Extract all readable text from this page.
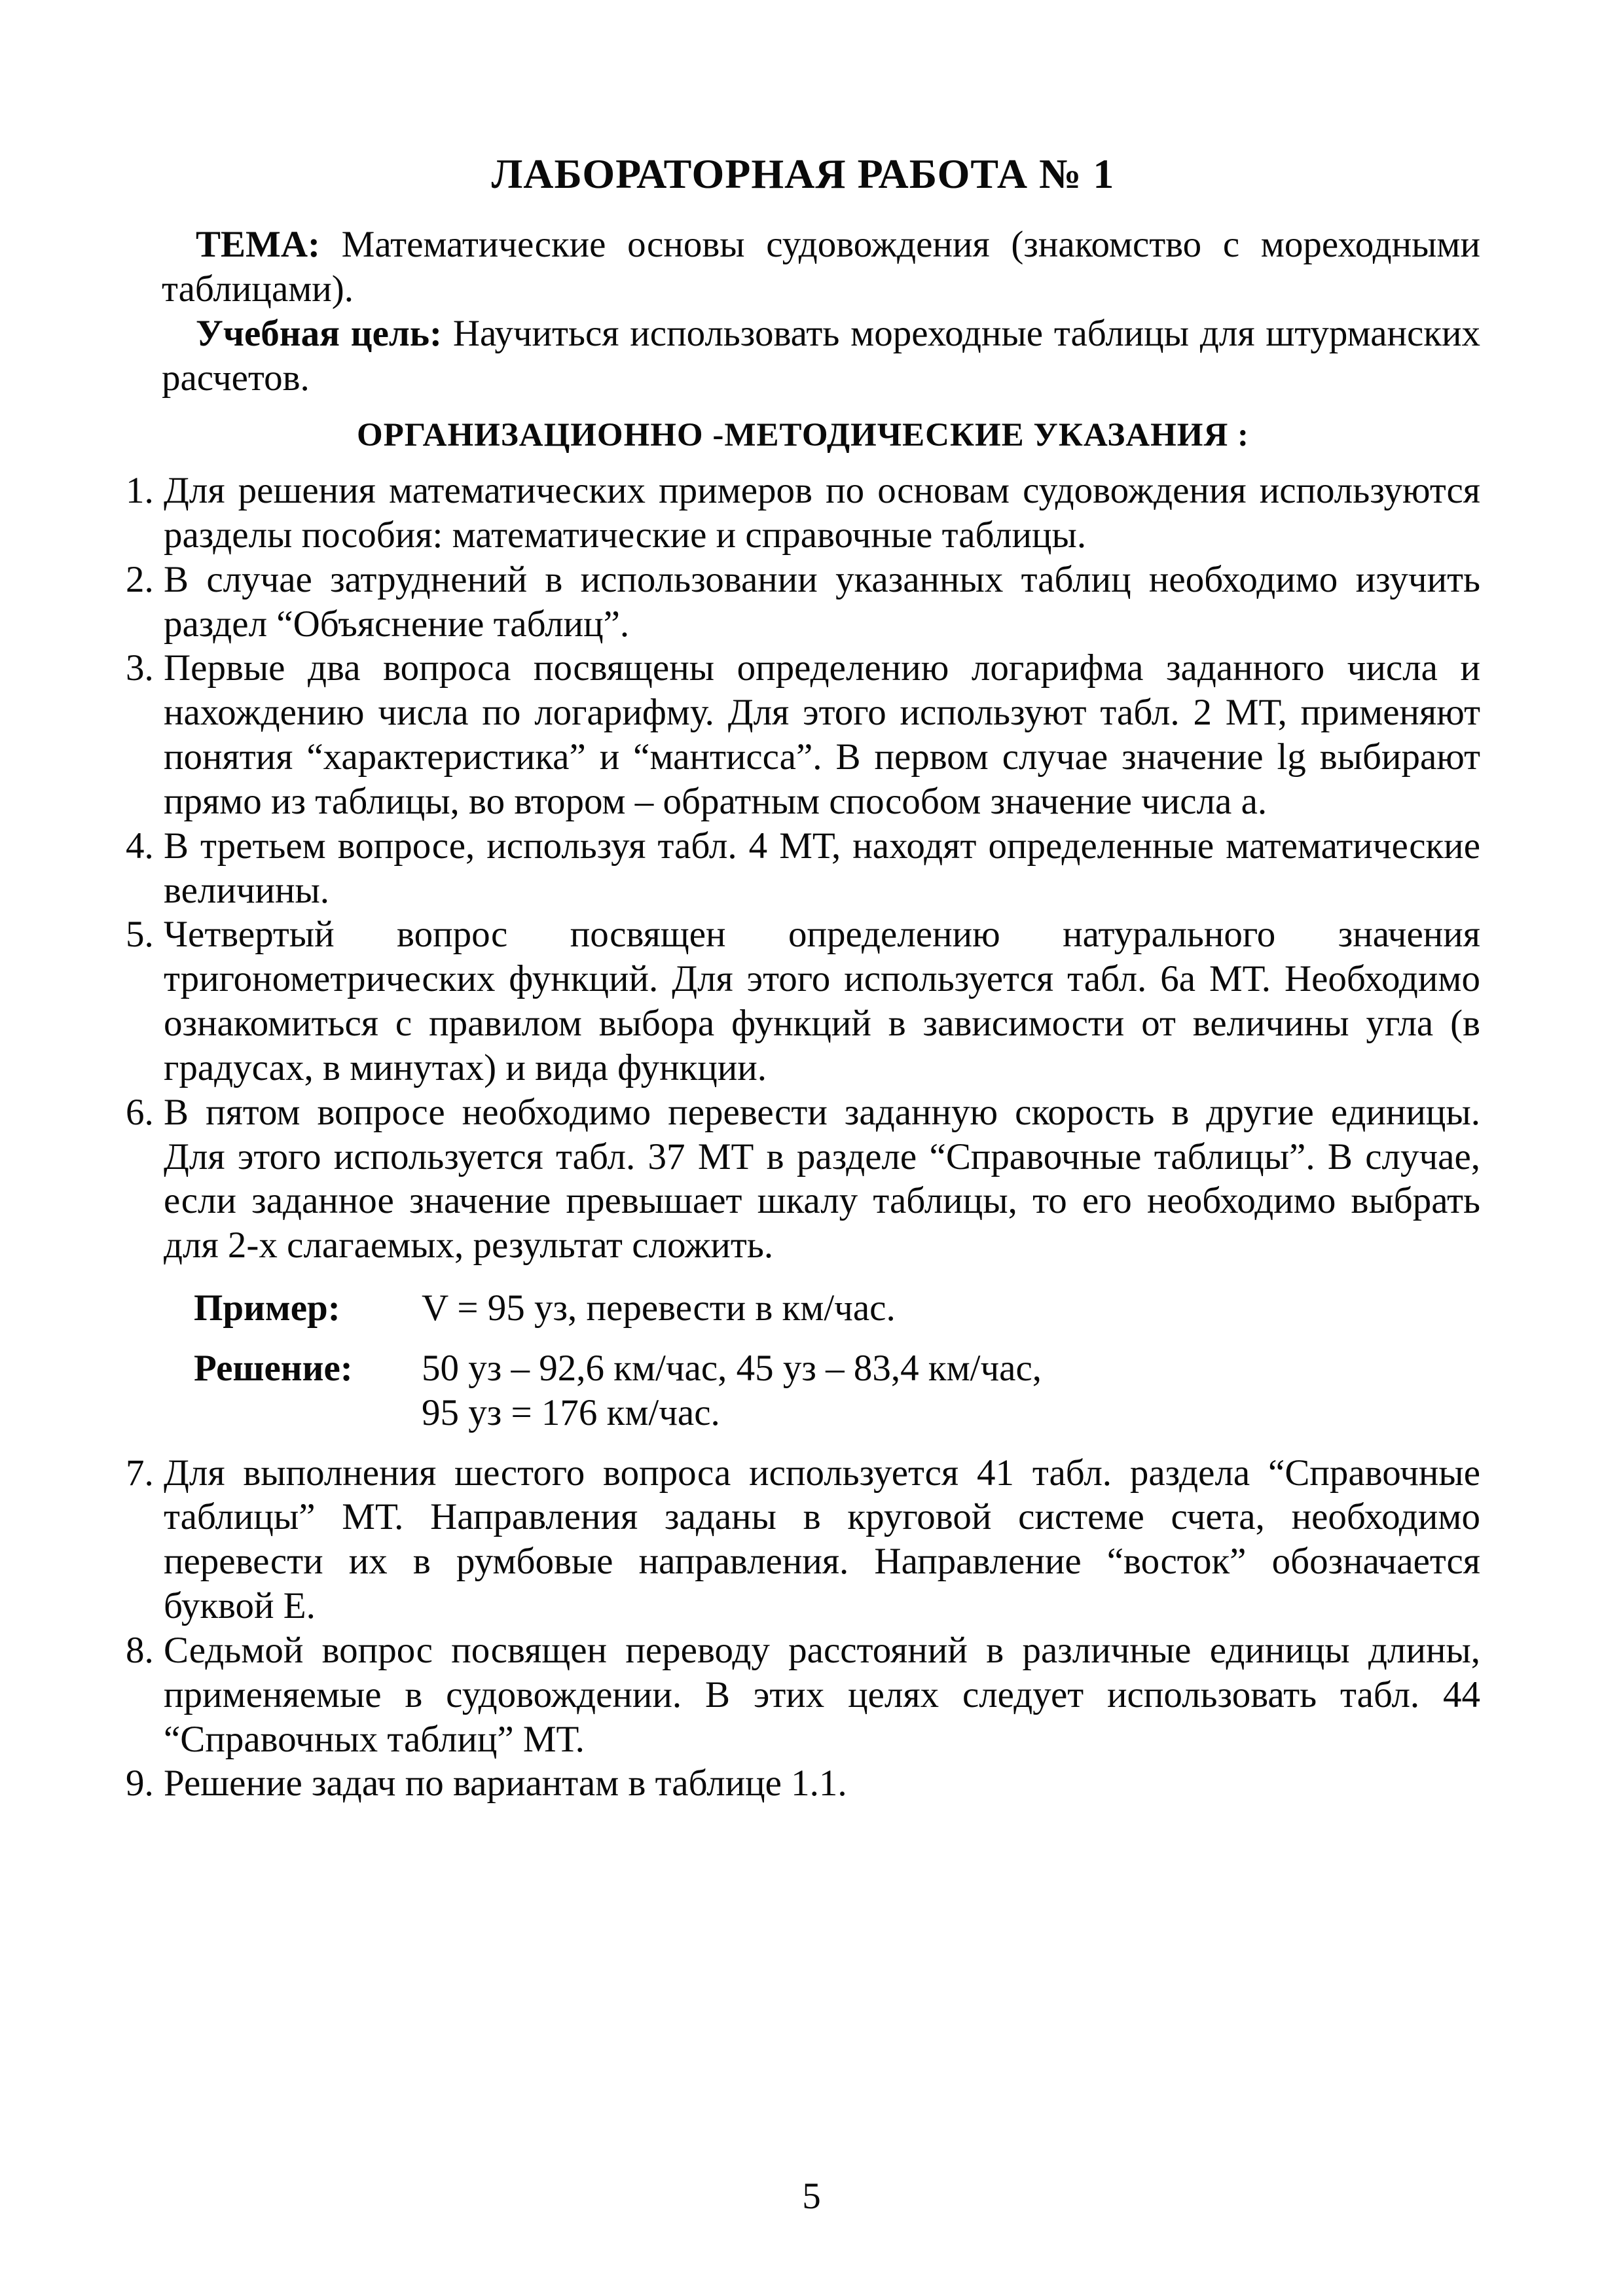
ЛАБОРАТОРНАЯ РАБОТА № 1

ТЕМА: Математические основы судовождения (знакомство с мореходными таблицами).

Учебная цель: Научиться использовать мореходные таблицы для штурманских расчетов.

ОРГАНИЗАЦИОННО -МЕТОДИЧЕСКИЕ УКАЗАНИЯ :
1. Для решения математических примеров по основам судовождения используются разделы пособия: математические и справочные таблицы.
2. В случае затруднений в использовании указанных таблиц необходимо изучить раздел “Объяснение таблиц”.
3. Первые два вопроса посвящены определению логарифма заданного числа и нахождению числа по логарифму. Для этого используют табл. 2 МТ, применяют понятия “характеристика” и “мантисса”. В первом случае значение lg выбирают прямо из таблицы, во втором – обратным способом значение числа а.
4. В третьем вопросе, используя табл. 4 МТ, находят определенные математические величины.
5. Четвертый вопрос посвящен определению натурального значения тригонометрических функций. Для этого используется табл. 6а МТ. Необходимо ознакомиться с правилом выбора функций в зависимости от величины угла (в градусах, в минутах) и вида функции.
6. В пятом вопросе необходимо перевести заданную скорость в другие единицы. Для этого используется табл. 37 МТ в разделе “Справочные таблицы”. В случае, если заданное значение превышает шкалу таблицы, то его необходимо выбрать для 2-х слагаемых, результат сложить.
Пример:	V = 95 уз, перевести в км/час.
Решение:	50 уз – 92,6 км/час, 45 уз – 83,4 км/час,
95 уз = 176 км/час.
7. Для выполнения шестого вопроса используется 41 табл. раздела “Справочные таблицы” МТ. Направления заданы в круговой системе счета, необходимо перевести их в румбовые направления. Направление “восток” обозначается буквой Е.
8. Седьмой вопрос посвящен переводу расстояний в различные единицы длины, применяемые в судовождении. В этих целях следует использовать табл. 44 “Справочных таблиц” МТ.
9. Решение задач по вариантам в таблице 1.1.
5
